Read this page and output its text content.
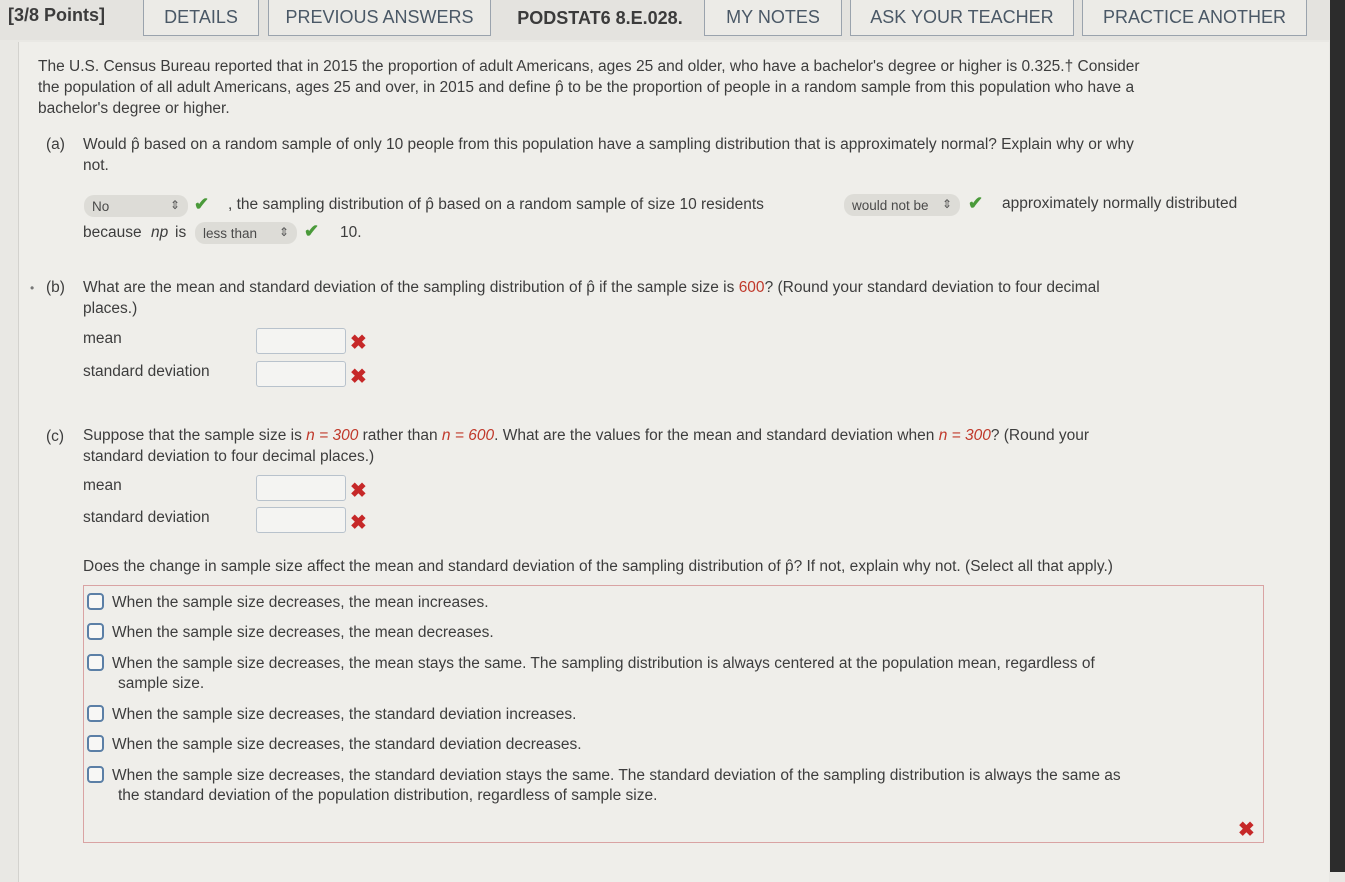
[3/8 Points]	DETAILS	PREVIOUS ANSWERS	PODSTAT6 8.E.028.	MY NOTES	ASK YOUR TEACHER	PRACTICE ANOTHER
The U.S. Census Bureau reported that in 2015 the proportion of adult Americans, ages 25 and older, who have a bachelor's degree or higher is 0.325.† Consider
the population of all adult Americans, ages 25 and over, in 2015 and define p̂ to be the proportion of people in a random sample from this population who have a
bachelor's degree or higher.
(a) Would p̂ based on a random sample of only 10 people from this population have a sampling distribution that is approximately normal? Explain why or why
not.
No	⇕ ✔ , the sampling distribution of p̂ based on a random sample of size 10 residents	would not be ⇕ ✔ approximately normally distributed
because np is less than ⇕ ✔ 10.
• (b) What are the mean and standard deviation of the sampling distribution of p̂ if the sample size is 600? (Round your standard deviation to four decimal
places.)
mean	✖
standard deviation	✖
(c) Suppose that the sample size is n = 300 rather than n = 600. What are the values for the mean and standard deviation when n = 300? (Round your
standard deviation to four decimal places.)
mean	✖
standard deviation	✖
Does the change in sample size affect the mean and standard deviation of the sampling distribution of p̂? If not, explain why not. (Select all that apply.)
When the sample size decreases, the mean increases.
When the sample size decreases, the mean decreases.
When the sample size decreases, the mean stays the same. The sampling distribution is always centered at the population mean, regardless of
sample size.
When the sample size decreases, the standard deviation increases.
When the sample size decreases, the standard deviation decreases.
When the sample size decreases, the standard deviation stays the same. The standard deviation of the sampling distribution is always the same as
the standard deviation of the population distribution, regardless of sample size.
✖
